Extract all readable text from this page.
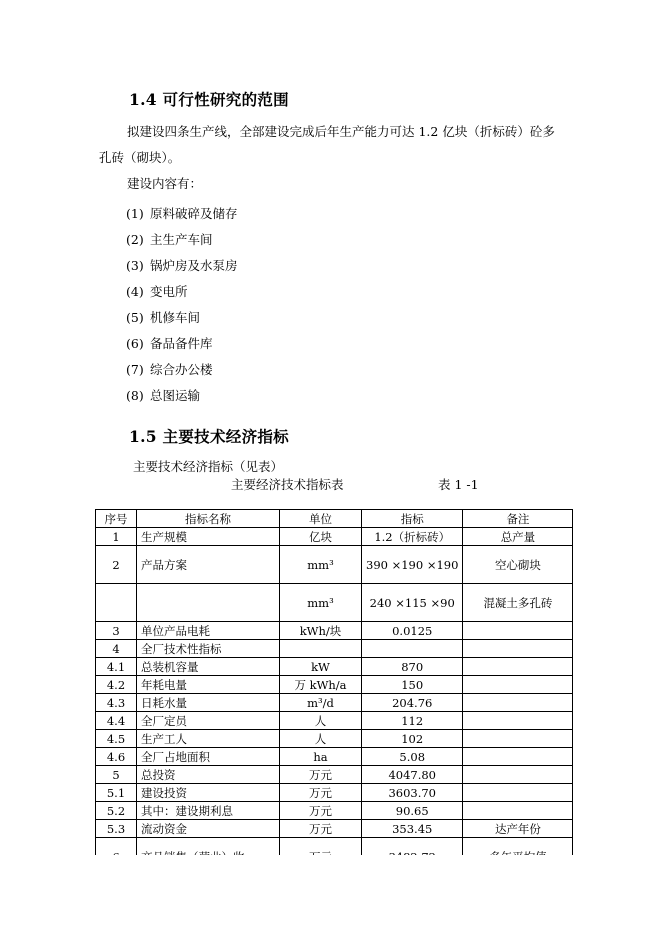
1.4 可行性研究的范围
拟建设四条生产线，全部建设完成后年生产能力可达 1.2 亿块（折标砖）砼多
孔砖（砌块）。
建设内容有：
(1) 原料破碎及储存
(2) 主生产车间
(3) 锅炉房及水泵房
(4) 变电所
(5) 机修车间
(6) 备品备件库
(7) 综合办公楼
(8) 总图运输
1.5 主要技术经济指标
主要技术经济指标（见表）
主要经济技术指标表	表 1 -1
序号	指标名称	单位	指标	备注
1	生产规模	亿块	1.2（折标砖）	总产量
2	产品方案	mm³	390 ×190 ×190	空心砌块
		mm³	240 ×115 ×90	混凝土多孔砖
3	单位产品电耗	kWh/块	0.0125	
4	全厂技术性指标			
4.1	总装机容量	kW	870	
4.2	年耗电量	万 kWh/a	150	
4.3	日耗水量	m³/d	204.76	
4.4	全厂定员	人	112	
4.5	生产工人	人	102	
4.6	全厂占地面积	ha	5.08	
5	总投资	万元	4047.80	
5.1	建设投资	万元	3603.70	
5.2	其中：建设期利息	万元	90.65	
5.3	流动资金	万元	353.45	达产年份
